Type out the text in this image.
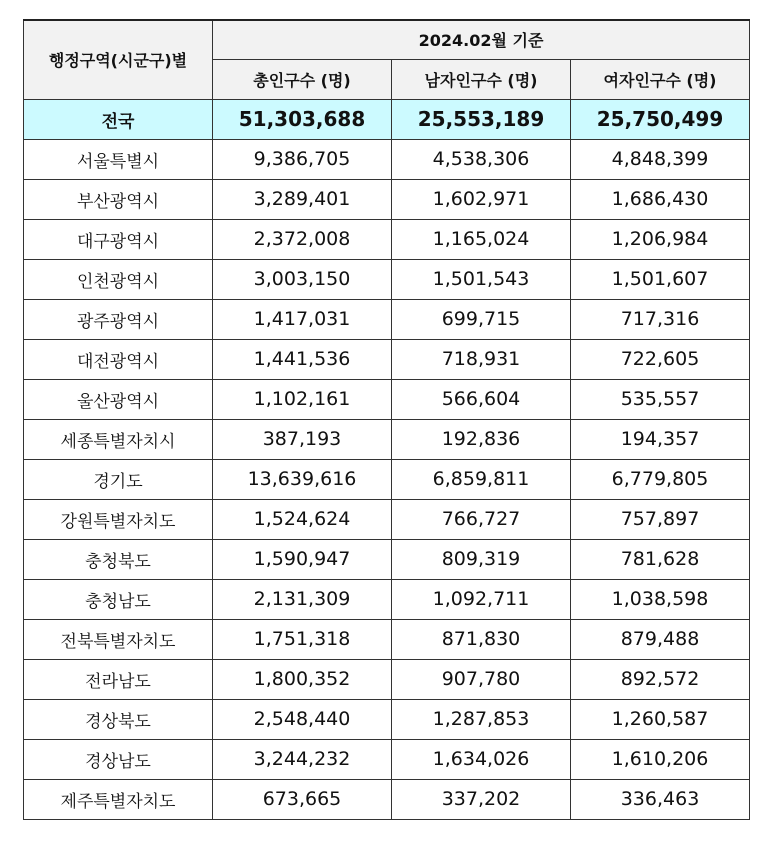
행정구역(시군구)별	2024.02월 기준		
	총인구수 (명)	남자인구수 (명)	여자인구수 (명)
전국	51,303,688	25,553,189	25,750,499
서울특별시	9,386,705	4,538,306	4,848,399
부산광역시	3,289,401	1,602,971	1,686,430
대구광역시	2,372,008	1,165,024	1,206,984
인천광역시	3,003,150	1,501,543	1,501,607
광주광역시	1,417,031	699,715	717,316
대전광역시	1,441,536	718,931	722,605
울산광역시	1,102,161	566,604	535,557
세종특별자치시	387,193	192,836	194,357
경기도	13,639,616	6,859,811	6,779,805
강원특별자치도	1,524,624	766,727	757,897
충청북도	1,590,947	809,319	781,628
충청남도	2,131,309	1,092,711	1,038,598
전북특별자치도	1,751,318	871,830	879,488
전라남도	1,800,352	907,780	892,572
경상북도	2,548,440	1,287,853	1,260,587
경상남도	3,244,232	1,634,026	1,610,206
제주특별자치도	673,665	337,202	336,463
